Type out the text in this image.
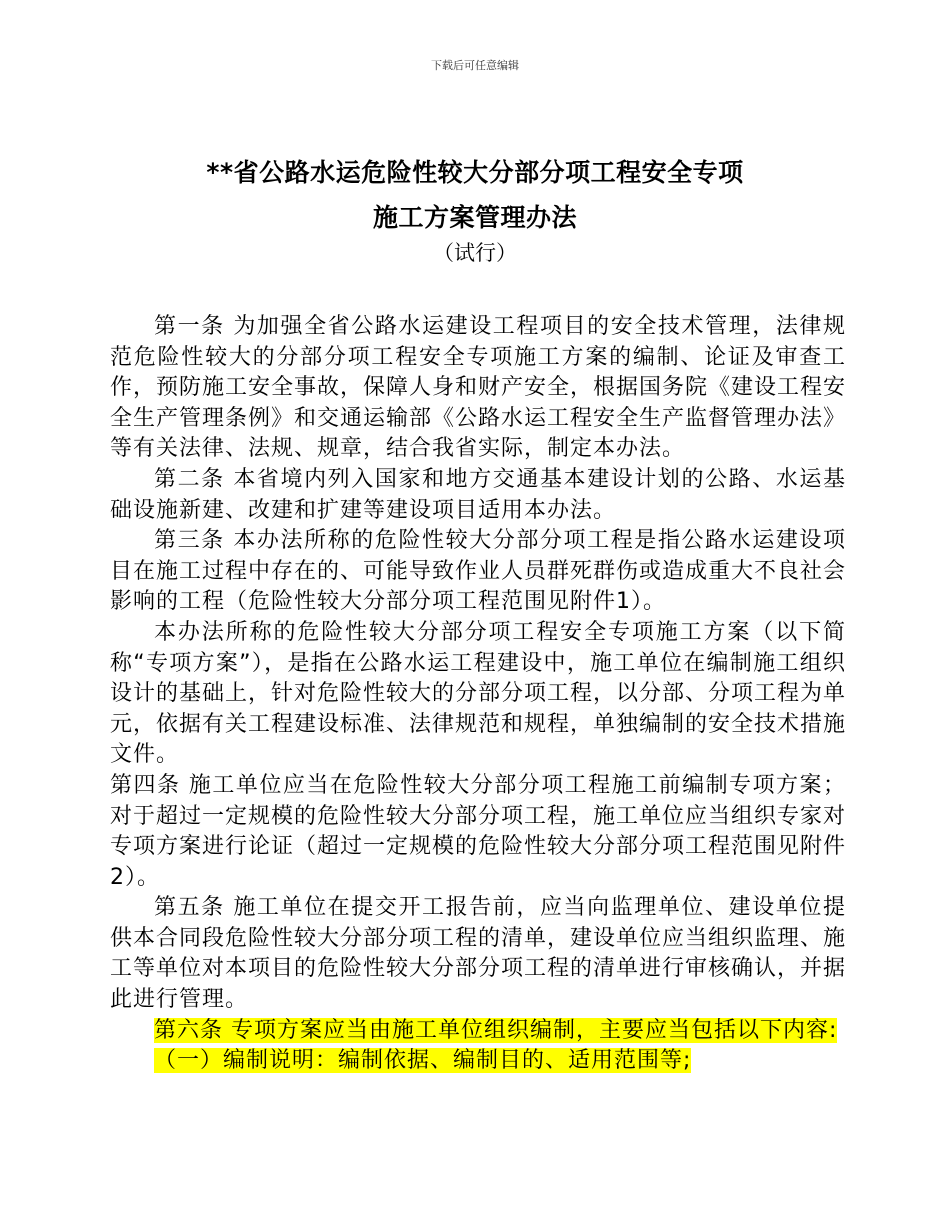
下载后可任意编辑
**省公路水运危险性较大分部分项工程安全专项
施工方案管理办法
（试行）

第一条 为加强全省公路水运建设工程项目的安全技术管理，法律规范危险性较大的分部分项工程安全专项施工方案的编制、论证及审查工作，预防施工安全事故，保障人身和财产安全，根据国务院《建设工程安全生产管理条例》和交通运输部《公路水运工程安全生产监督管理办法》等有关法律、法规、规章，结合我省实际，制定本办法。

第二条 本省境内列入国家和地方交通基本建设计划的公路、水运基础设施新建、改建和扩建等建设项目适用本办法。

第三条 本办法所称的危险性较大分部分项工程是指公路水运建设项目在施工过程中存在的、可能导致作业人员群死群伤或造成重大不良社会影响的工程（危险性较大分部分项工程范围见附件1）。

本办法所称的危险性较大分部分项工程安全专项施工方案（以下简称“专项方案”），是指在公路水运工程建设中，施工单位在编制施工组织设计的基础上，针对危险性较大的分部分项工程，以分部、分项工程为单元，依据有关工程建设标准、法律规范和规程，单独编制的安全技术措施文件。

第四条 施工单位应当在危险性较大分部分项工程施工前编制专项方案；对于超过一定规模的危险性较大分部分项工程，施工单位应当组织专家对专项方案进行论证（超过一定规模的危险性较大分部分项工程范围见附件2）。

第五条 施工单位在提交开工报告前，应当向监理单位、建设单位提供本合同段危险性较大分部分项工程的清单，建设单位应当组织监理、施工等单位对本项目的危险性较大分部分项工程的清单进行审核确认，并据此进行管理。

第六条 专项方案应当由施工单位组织编制，主要应当包括以下内容:

（一）编制说明：编制依据、编制目的、适用范围等;
